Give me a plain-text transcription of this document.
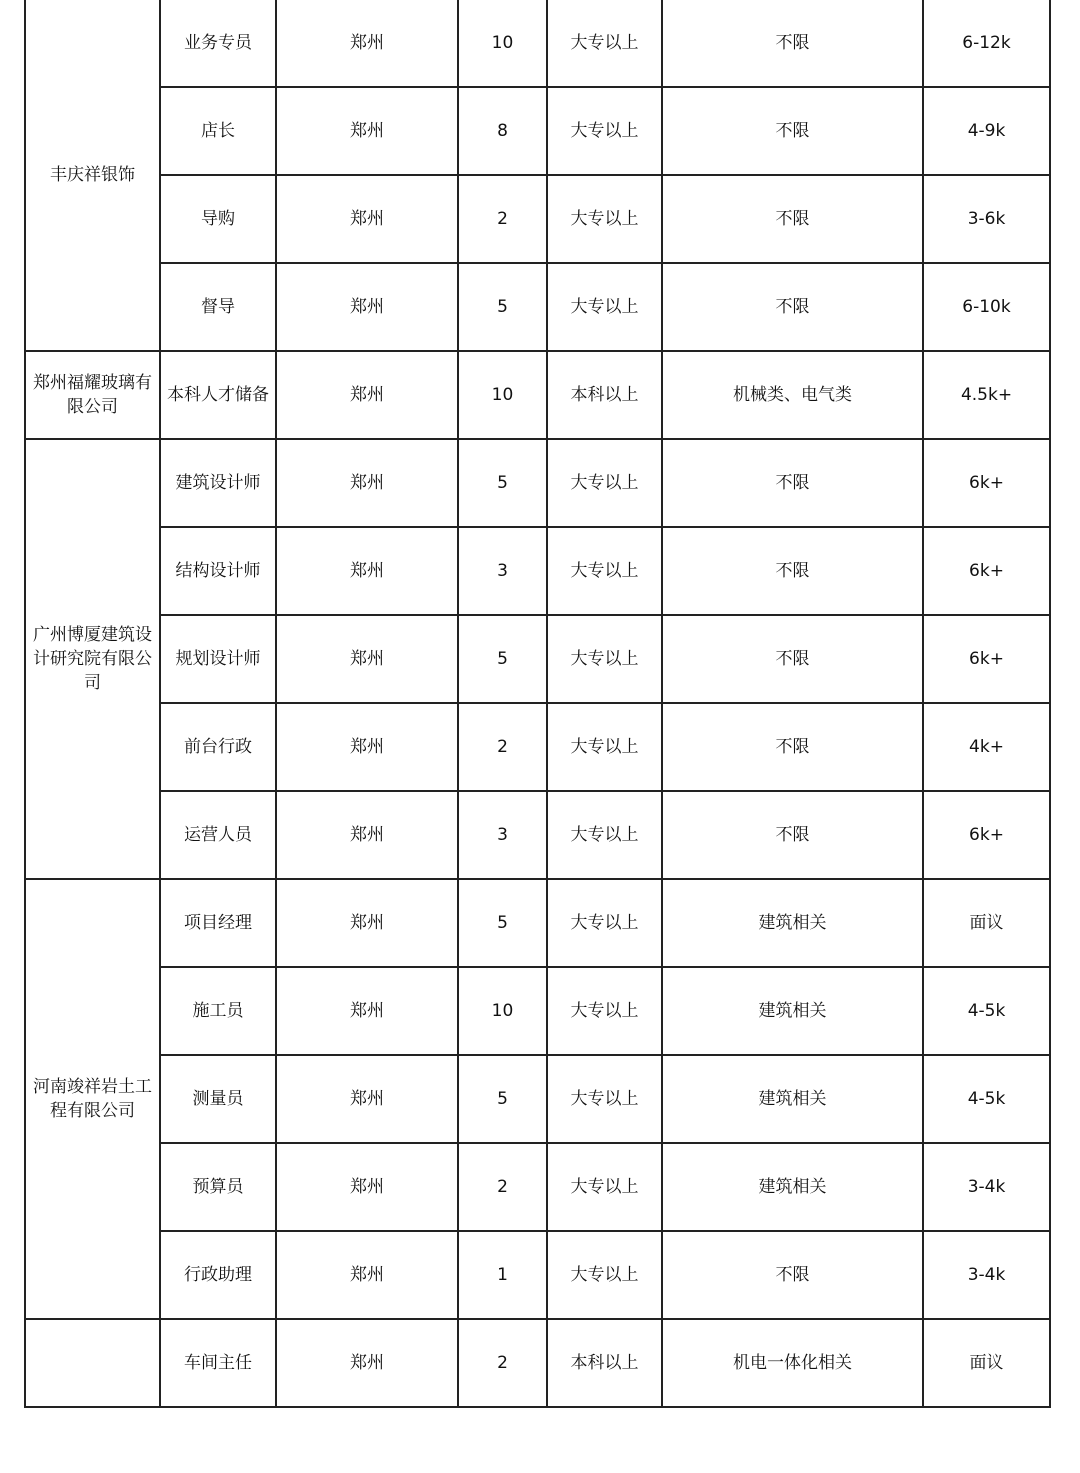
丰庆祥银饰	业务专员	郑州	10	大专以上	不限	6-12k
	店长	郑州	8	大专以上	不限	4-9k
	导购	郑州	2	大专以上	不限	3-6k
	督导	郑州	5	大专以上	不限	6-10k
郑州福耀玻璃有限公司	本科人才储备	郑州	10	本科以上	机械类、电气类	4.5k+
广州博厦建筑设计研究院有限公司	建筑设计师	郑州	5	大专以上	不限	6k+
	结构设计师	郑州	3	大专以上	不限	6k+
	规划设计师	郑州	5	大专以上	不限	6k+
	前台行政	郑州	2	大专以上	不限	4k+
	运营人员	郑州	3	大专以上	不限	6k+
河南竣祥岩土工程有限公司	项目经理	郑州	5	大专以上	建筑相关	面议
	施工员	郑州	10	大专以上	建筑相关	4-5k
	测量员	郑州	5	大专以上	建筑相关	4-5k
	预算员	郑州	2	大专以上	建筑相关	3-4k
	行政助理	郑州	1	大专以上	不限	3-4k
	车间主任	郑州	2	本科以上	机电一体化相关	面议
